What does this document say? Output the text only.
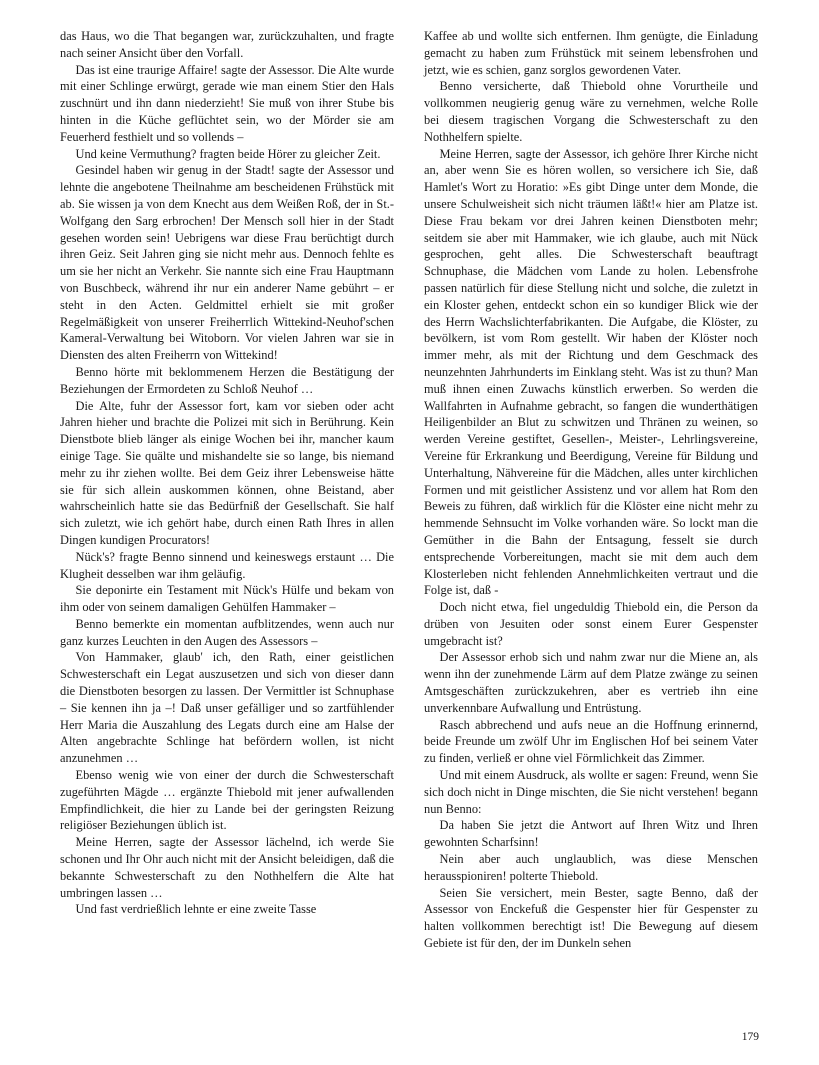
das Haus, wo die That begangen war, zurückzuhalten, und fragte nach seiner Ansicht über den Vorfall.

Das ist eine traurige Affaire! sagte der Assessor. Die Alte wurde mit einer Schlinge erwürgt, gerade wie man einem Stier den Hals zuschnürt und ihn dann niederzieht! Sie muß von ihrer Stube bis hinten in die Küche geflüchtet sein, wo der Mörder sie am Feuerherd festhielt und so vollends –

Und keine Vermuthung? fragten beide Hörer zu gleicher Zeit.

Gesindel haben wir genug in der Stadt! sagte der Assessor und lehnte die angebotene Theilnahme am bescheidenen Frühstück mit ab. Sie wissen ja von dem Knecht aus dem Weißen Roß, der in St.-Wolfgang den Sarg erbrochen! Der Mensch soll hier in der Stadt gesehen worden sein! Uebrigens war diese Frau berüchtigt durch ihren Geiz. Seit Jahren ging sie nicht mehr aus. Dennoch fehlte es um sie her nicht an Verkehr. Sie nannte sich eine Frau Hauptmann von Buschbeck, während ihr nur ein anderer Name gebührt – er steht in den Acten. Geldmittel erhielt sie mit großer Regelmäßigkeit von unserer Freiherrlich Wittekind-Neuhof'schen Kameral-Verwaltung bei Witoborn. Vor vielen Jahren war sie in Diensten des alten Freiherrn von Wittekind!

Benno hörte mit beklommenem Herzen die Bestätigung der Beziehungen der Ermordeten zu Schloß Neuhof …

Die Alte, fuhr der Assessor fort, kam vor sieben oder acht Jahren hieher und brachte die Polizei mit sich in Berührung. Kein Dienstbote blieb länger als einige Wochen bei ihr, mancher kaum einige Tage. Sie quälte und mishandelte sie so lange, bis niemand mehr zu ihr ziehen wollte. Bei dem Geiz ihrer Lebensweise hätte sie für sich allein auskommen können, ohne Beistand, aber wahrscheinlich hatte sie das Bedürfniß der Gesellschaft. Sie half sich zuletzt, wie ich gehört habe, durch einen Rath Ihres in allen Dingen kundigen Procurators!

Nück's? fragte Benno sinnend und keineswegs erstaunt … Die Klugheit desselben war ihm geläufig.

Sie deponirte ein Testament mit Nück's Hülfe und bekam von ihm oder von seinem damaligen Gehülfen Hammaker –

Benno bemerkte ein momentan aufblitzendes, wenn auch nur ganz kurzes Leuchten in den Augen des Assessors –

Von Hammaker, glaub' ich, den Rath, einer geistlichen Schwesterschaft ein Legat auszusetzen und sich von dieser dann die Dienstboten besorgen zu lassen. Der Vermittler ist Schnuphase – Sie kennen ihn ja –! Daß unser gefälliger und so zartfühlender Herr Maria die Auszahlung des Legats durch eine am Halse der Alten angebrachte Schlinge hat befördern wollen, ist nicht anzunehmen …

Ebenso wenig wie von einer der durch die Schwesterschaft zugeführten Mägde … ergänzte Thiebold mit jener aufwallenden Empfindlichkeit, die hier zu Lande bei der geringsten Reizung religiöser Beziehungen üblich ist.

Meine Herren, sagte der Assessor lächelnd, ich werde Sie schonen und Ihr Ohr auch nicht mit der Ansicht beleidigen, daß die bekannte Schwesterschaft zu den Nothhelfern die Alte hat umbringen lassen …

Und fast verdrießlich lehnte er eine zweite Tasse

Kaffee ab und wollte sich entfernen. Ihm genügte, die Einladung gemacht zu haben zum Frühstück mit seinem lebensfrohen und jetzt, wie es schien, ganz sorglos gewordenen Vater.

Benno versicherte, daß Thiebold ohne Vorurtheile und vollkommen neugierig genug wäre zu vernehmen, welche Rolle bei diesem tragischen Vorgang die Schwesterschaft zu den Nothhelfern spielte.

Meine Herren, sagte der Assessor, ich gehöre Ihrer Kirche nicht an, aber wenn Sie es hören wollen, so versichere ich Sie, daß Hamlet's Wort zu Horatio: »Es gibt Dinge unter dem Monde, die unsere Schulweisheit sich nicht träumen läßt!« hier am Platze ist. Diese Frau bekam vor drei Jahren keinen Dienstboten mehr; seitdem sie aber mit Hammaker, wie ich glaube, auch mit Nück gesprochen, geht alles. Die Schwesterschaft beauftragt Schnuphase, die Mädchen vom Lande zu holen. Lebensfrohe passen natürlich für diese Stellung nicht und solche, die zuletzt in ein Kloster gehen, entdeckt schon ein so kundiger Blick wie der des Herrn Wachslichterfabrikanten. Die Aufgabe, die Klöster, zu bevölkern, ist vom Rom gestellt. Wir haben der Klöster noch immer mehr, als mit der Richtung und dem Geschmack des neunzehnten Jahrhunderts im Einklang steht. Was ist zu thun? Man muß ihnen einen Zuwachs künstlich erwerben. So werden die Wallfahrten in Aufnahme gebracht, so fangen die wunderthätigen Heiligenbilder an Blut zu schwitzen und Thränen zu weinen, so werden Vereine gestiftet, Gesellen-, Meister-, Lehrlingsvereine, Vereine für Erkrankung und Beerdigung, Vereine für Bildung und Unterhaltung, Nähvereine für die Mädchen, alles unter kirchlichen Formen und mit geistlicher Assistenz und vor allem hat Rom den Beweis zu führen, daß wirklich für die Klöster eine nicht mehr zu hemmende Sehnsucht im Volke vorhanden wäre. So lockt man die Gemüther in die Bahn der Entsagung, fesselt sie durch entsprechende Vorbereitungen, macht sie mit dem auch dem Klosterleben nicht fehlenden Annehmlichkeiten vertraut und die Folge ist, daß -

Doch nicht etwa, fiel ungeduldig Thiebold ein, die Person da drüben von Jesuiten oder sonst einem Eurer Gespenster umgebracht ist?

Der Assessor erhob sich und nahm zwar nur die Miene an, als wenn ihn der zunehmende Lärm auf dem Platze zwänge zu seinen Amtsgeschäften zurückzukehren, aber es vertrieb ihn eine unverkennbare Aufwallung und Entrüstung.

Rasch abbrechend und aufs neue an die Hoffnung erinnernd, beide Freunde um zwölf Uhr im Englischen Hof bei seinem Vater zu finden, verließ er ohne viel Förmlichkeit das Zimmer.

Und mit einem Ausdruck, als wollte er sagen: Freund, wenn Sie sich doch nicht in Dinge mischten, die Sie nicht verstehen! begann nun Benno:

Da haben Sie jetzt die Antwort auf Ihren Witz und Ihren gewohnten Scharfsinn!

Nein aber auch unglaublich, was diese Menschen herausspioniren! polterte Thiebold.

Seien Sie versichert, mein Bester, sagte Benno, daß der Assessor von Enckefuß die Gespenster hier für Gespenster zu halten vollkommen berechtigt ist! Die Bewegung auf diesem Gebiete ist für den, der im Dunkeln sehen

179
